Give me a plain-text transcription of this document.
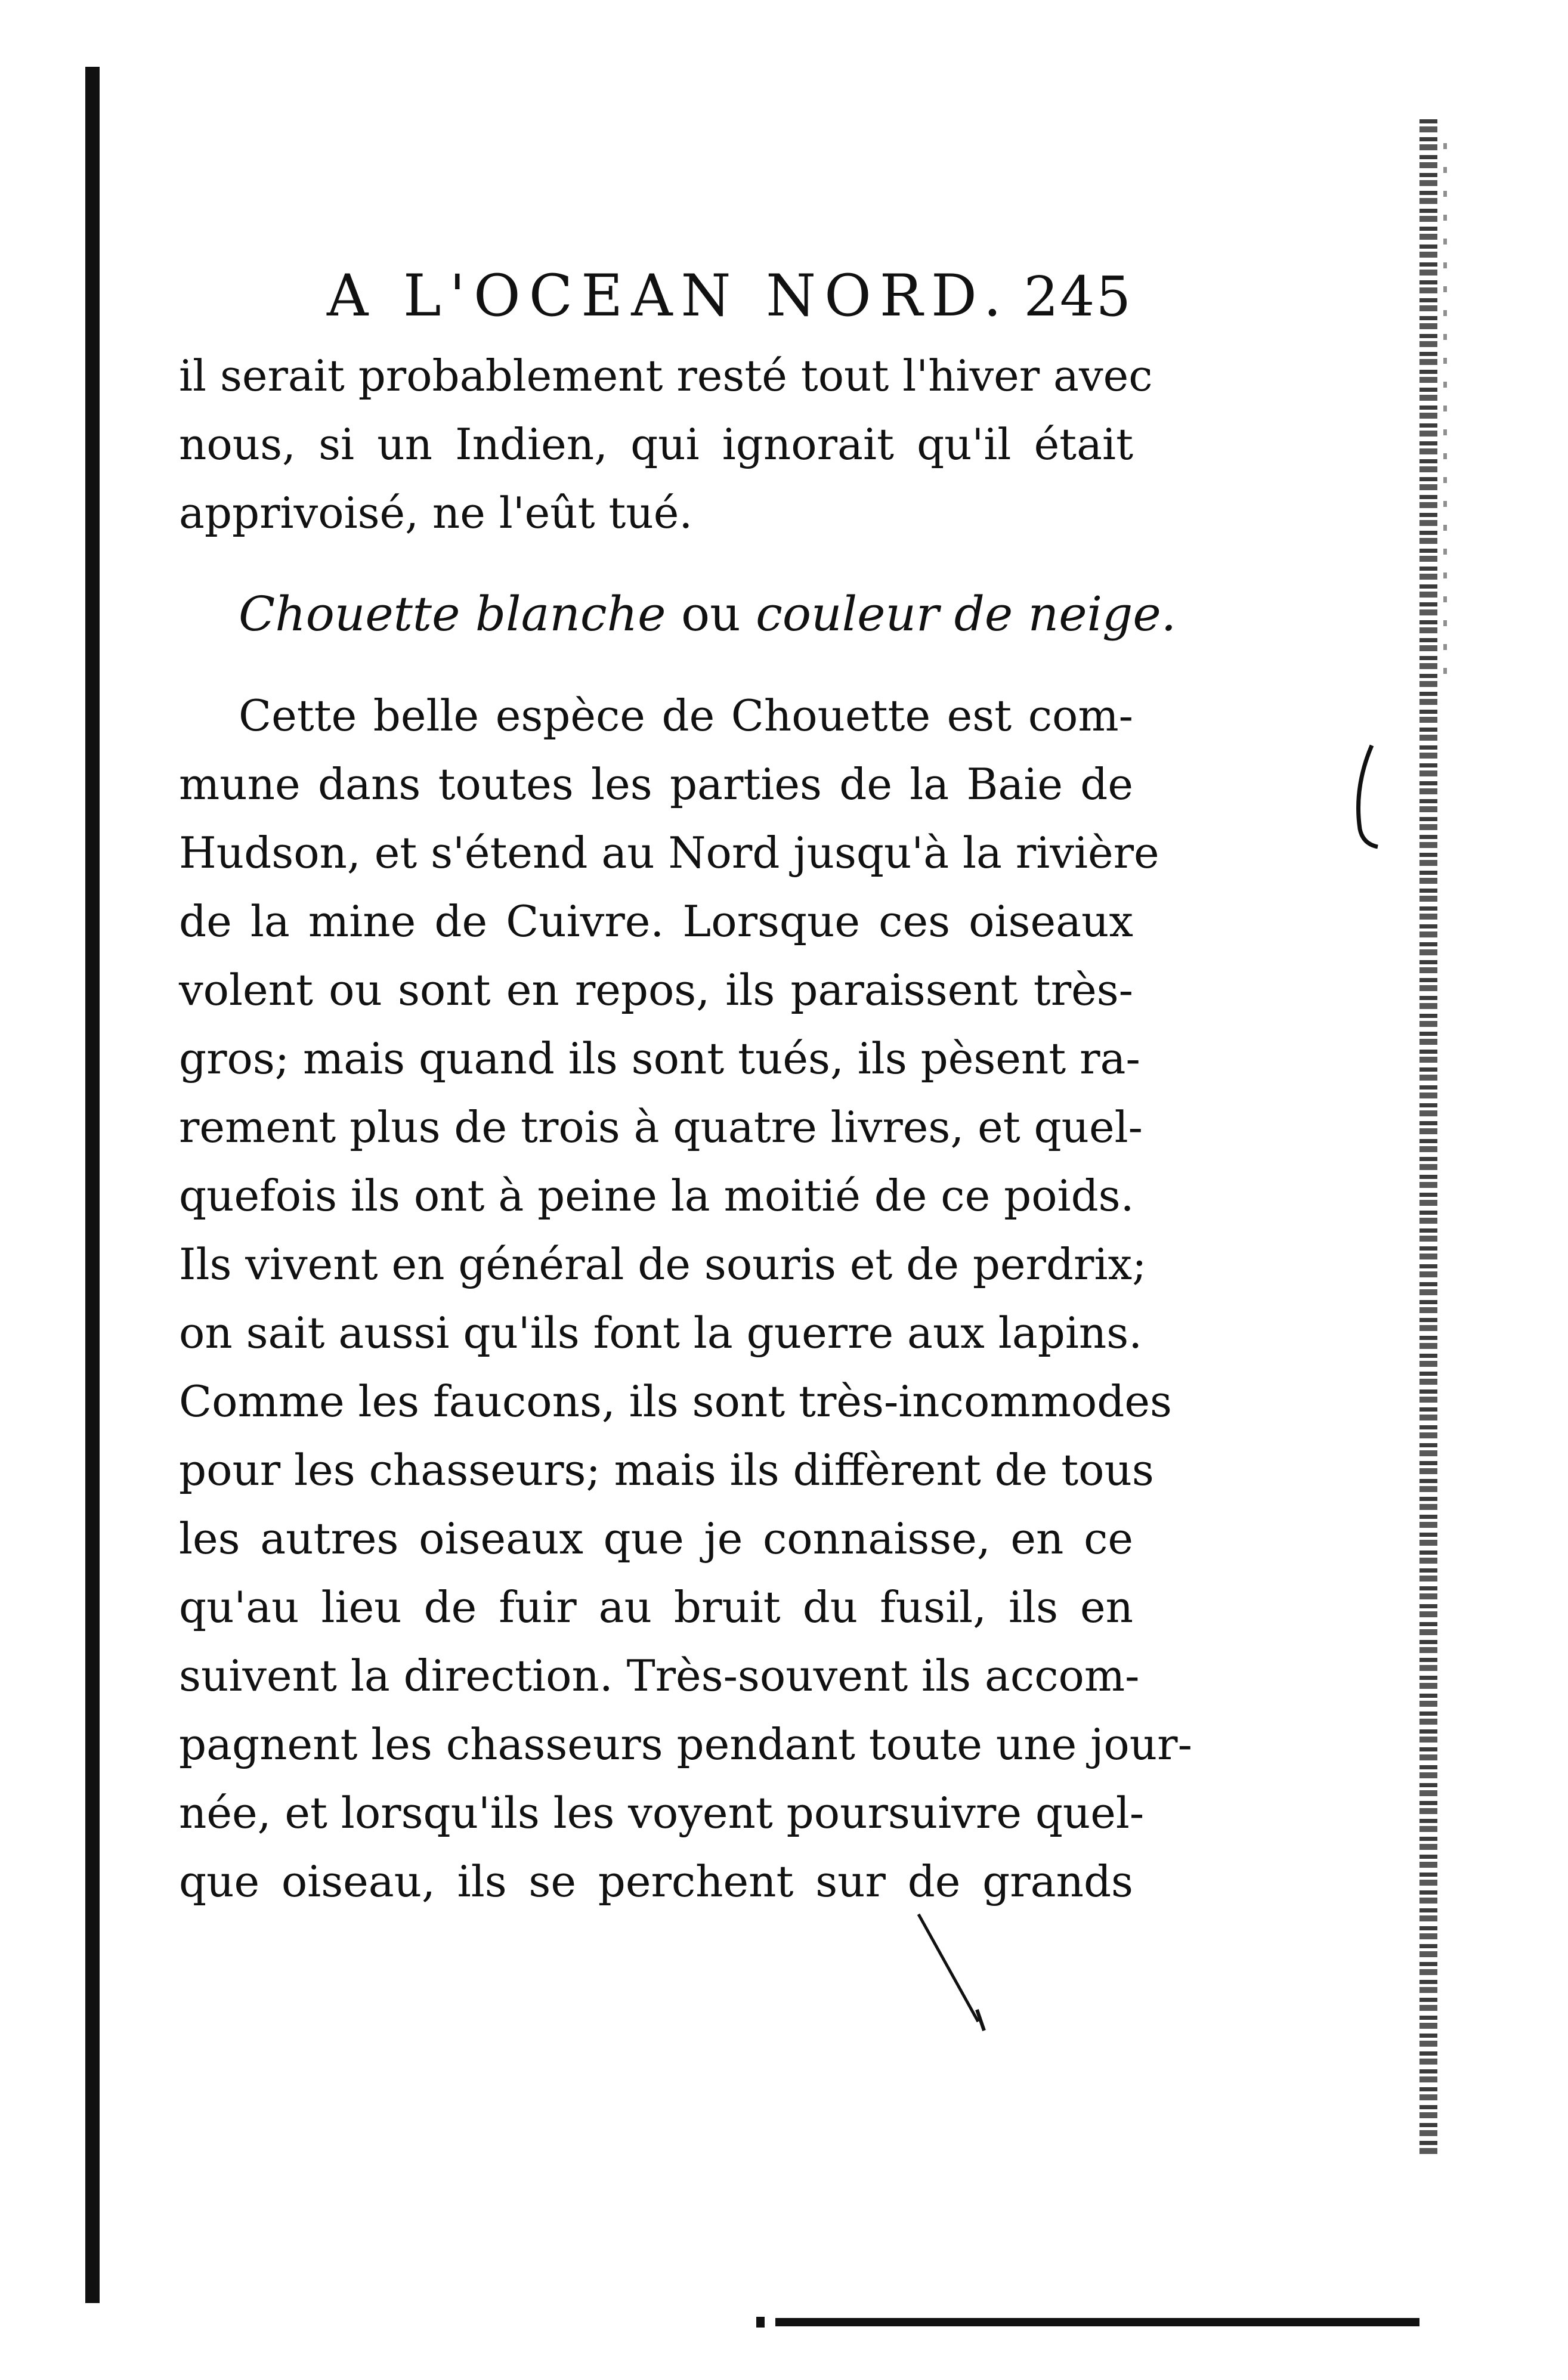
A L'OCEAN NORD. 245
il serait probablement resté tout l'hiver avec
nous, si un Indien, qui ignorait qu'il était
apprivoisé, ne l'eût tué.
Chouette blanche ou couleur de neige.
Cette belle espèce de Chouette est com-
mune dans toutes les parties de la Baie de
Hudson, et s'étend au Nord jusqu'à la rivière
de la mine de Cuivre. Lorsque ces oiseaux
volent ou sont en repos, ils paraissent très-
gros; mais quand ils sont tués, ils pèsent ra-
rement plus de trois à quatre livres, et quel-
quefois ils ont à peine la moitié de ce poids.
Ils vivent en général de souris et de perdrix;
on sait aussi qu'ils font la guerre aux lapins.
Comme les faucons, ils sont très-incommodes
pour les chasseurs; mais ils diffèrent de tous
les autres oiseaux que je connaisse, en ce
qu'au lieu de fuir au bruit du fusil, ils en
suivent la direction. Très-souvent ils accom-
pagnent les chasseurs pendant toute une jour-
née, et lorsqu'ils les voyent poursuivre quel-
que oiseau, ils se perchent sur de grands
